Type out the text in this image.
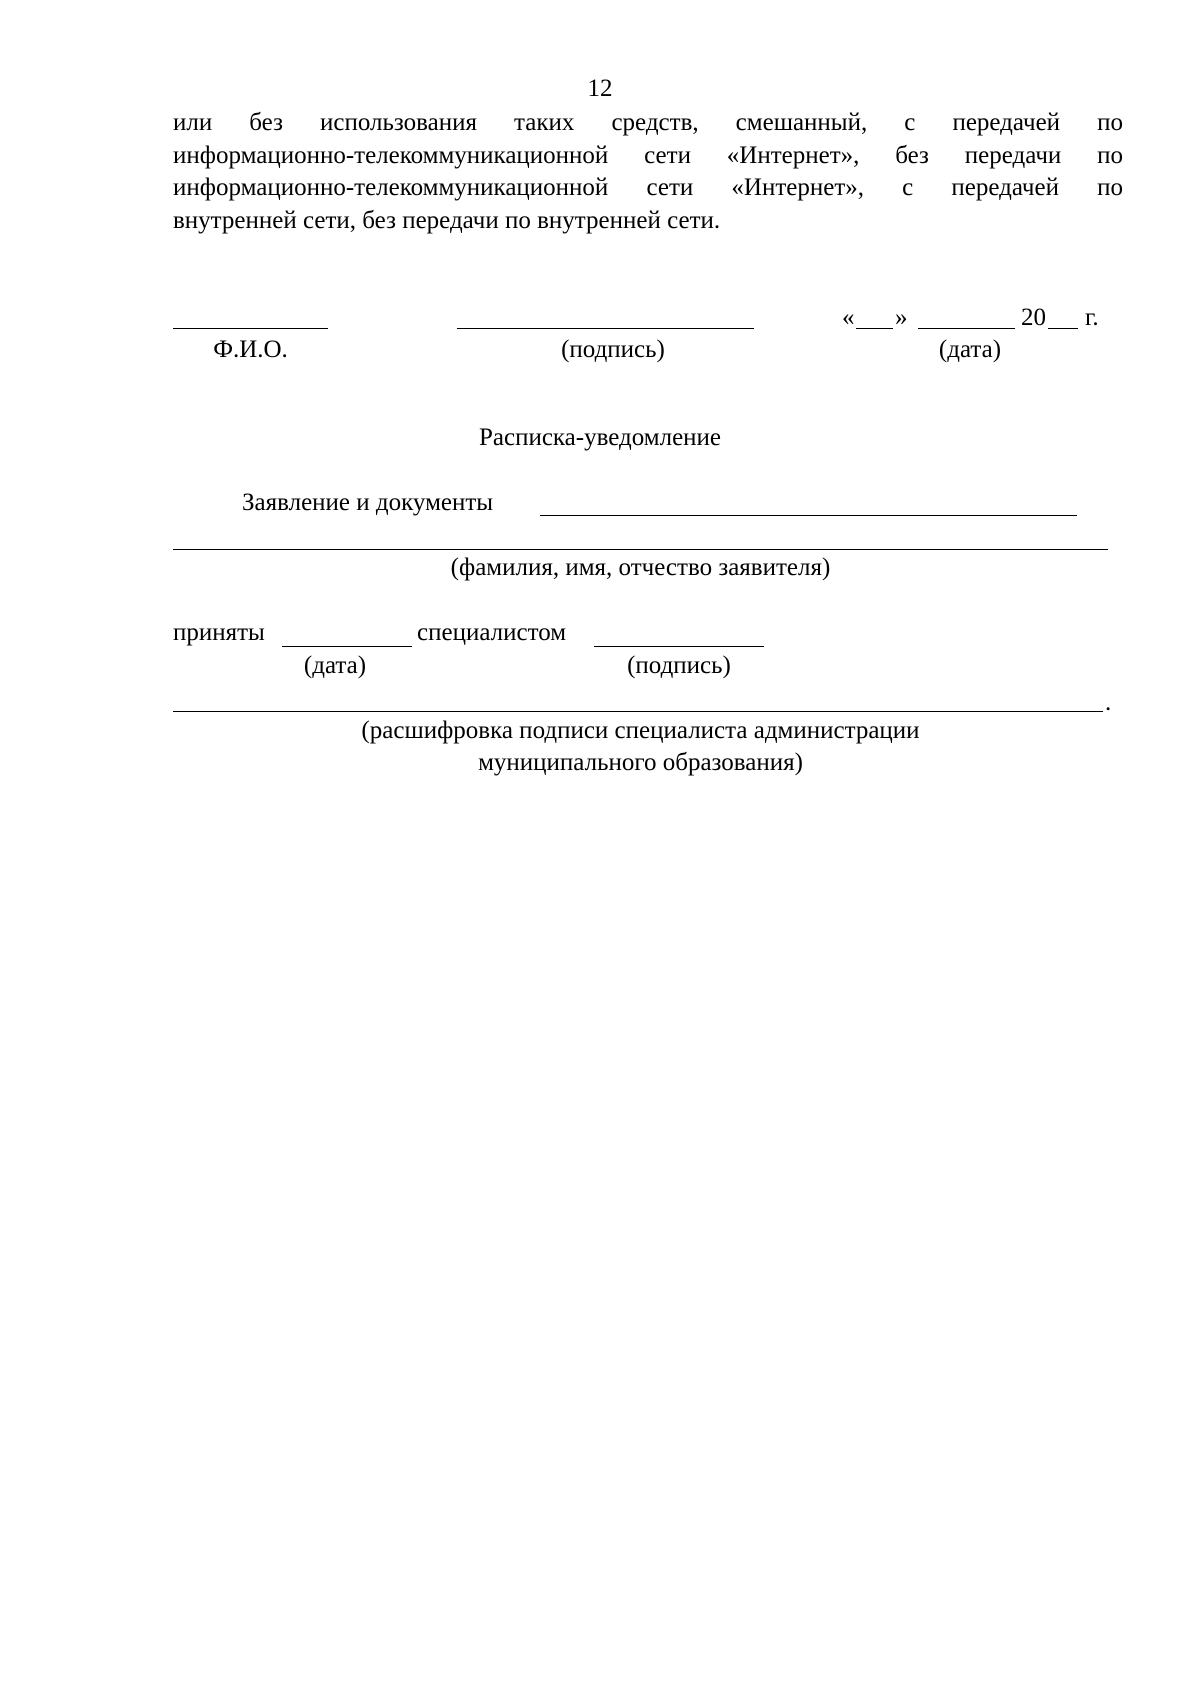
12
или без использования таких средств, смешанный, с передачей по
информационно-телекоммуникационной сети «Интернет», без передачи по
информационно-телекоммуникационной сети «Интернет», с передачей по
внутренней сети, без передачи по внутренней сети.
« »	20 г.
Ф.И.О.	(подпись)	(дата)
Расписка-уведомление
Заявление и документы
(фамилия, имя, отчество заявителя)
приняты	специалистом
(дата)	(подпись)
.
(расшифровка подписи специалиста администрации
муниципального образования)
